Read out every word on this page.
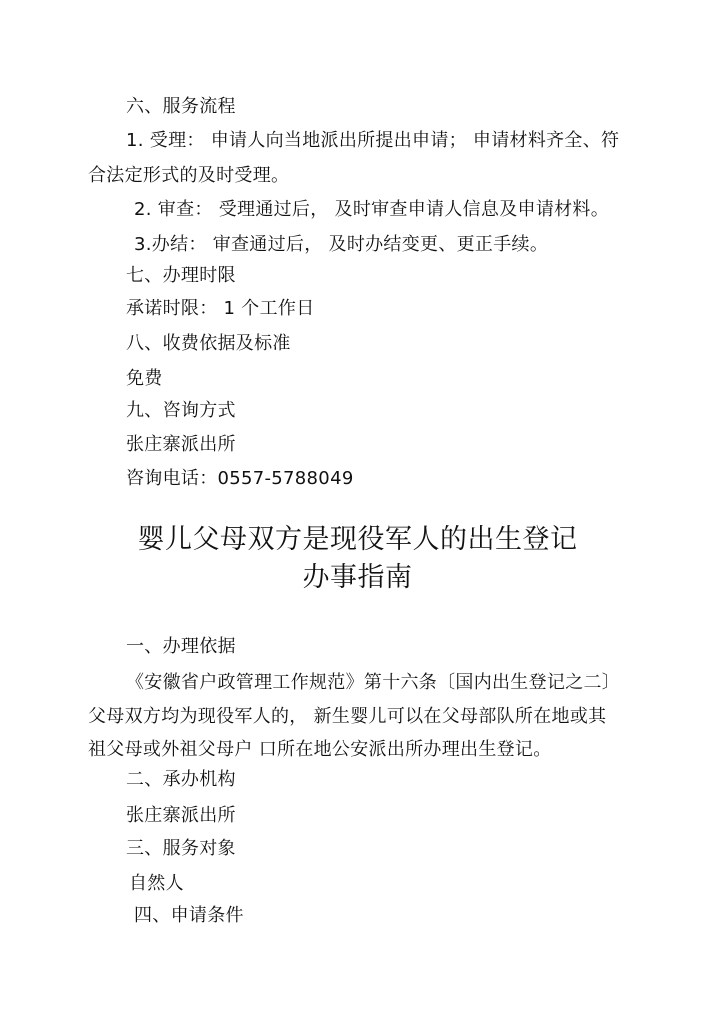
六、服务流程
1. 受理： 申请人向当地派出所提出申请； 申请材料齐全、符
合法定形式的及时受理。
2. 审查： 受理通过后， 及时审查申请人信息及申请材料。
3.办结： 审查通过后， 及时办结变更、更正手续。
七、办理时限
承诺时限： 1 个工作日
八、收费依据及标准
免费
九、咨询方式
张庄寨派出所
咨询电话：0557-5788049
婴儿父母双方是现役军人的出生登记
办事指南
一、办理依据
《安徽省户政管理工作规范》第十六条〔国内出生登记之二〕
父母双方均为现役军人的， 新生婴儿可以在父母部队所在地或其
祖父母或外祖父母户 口所在地公安派出所办理出生登记。
二、承办机构
张庄寨派出所
三、服务对象
自然人
四、申请条件
